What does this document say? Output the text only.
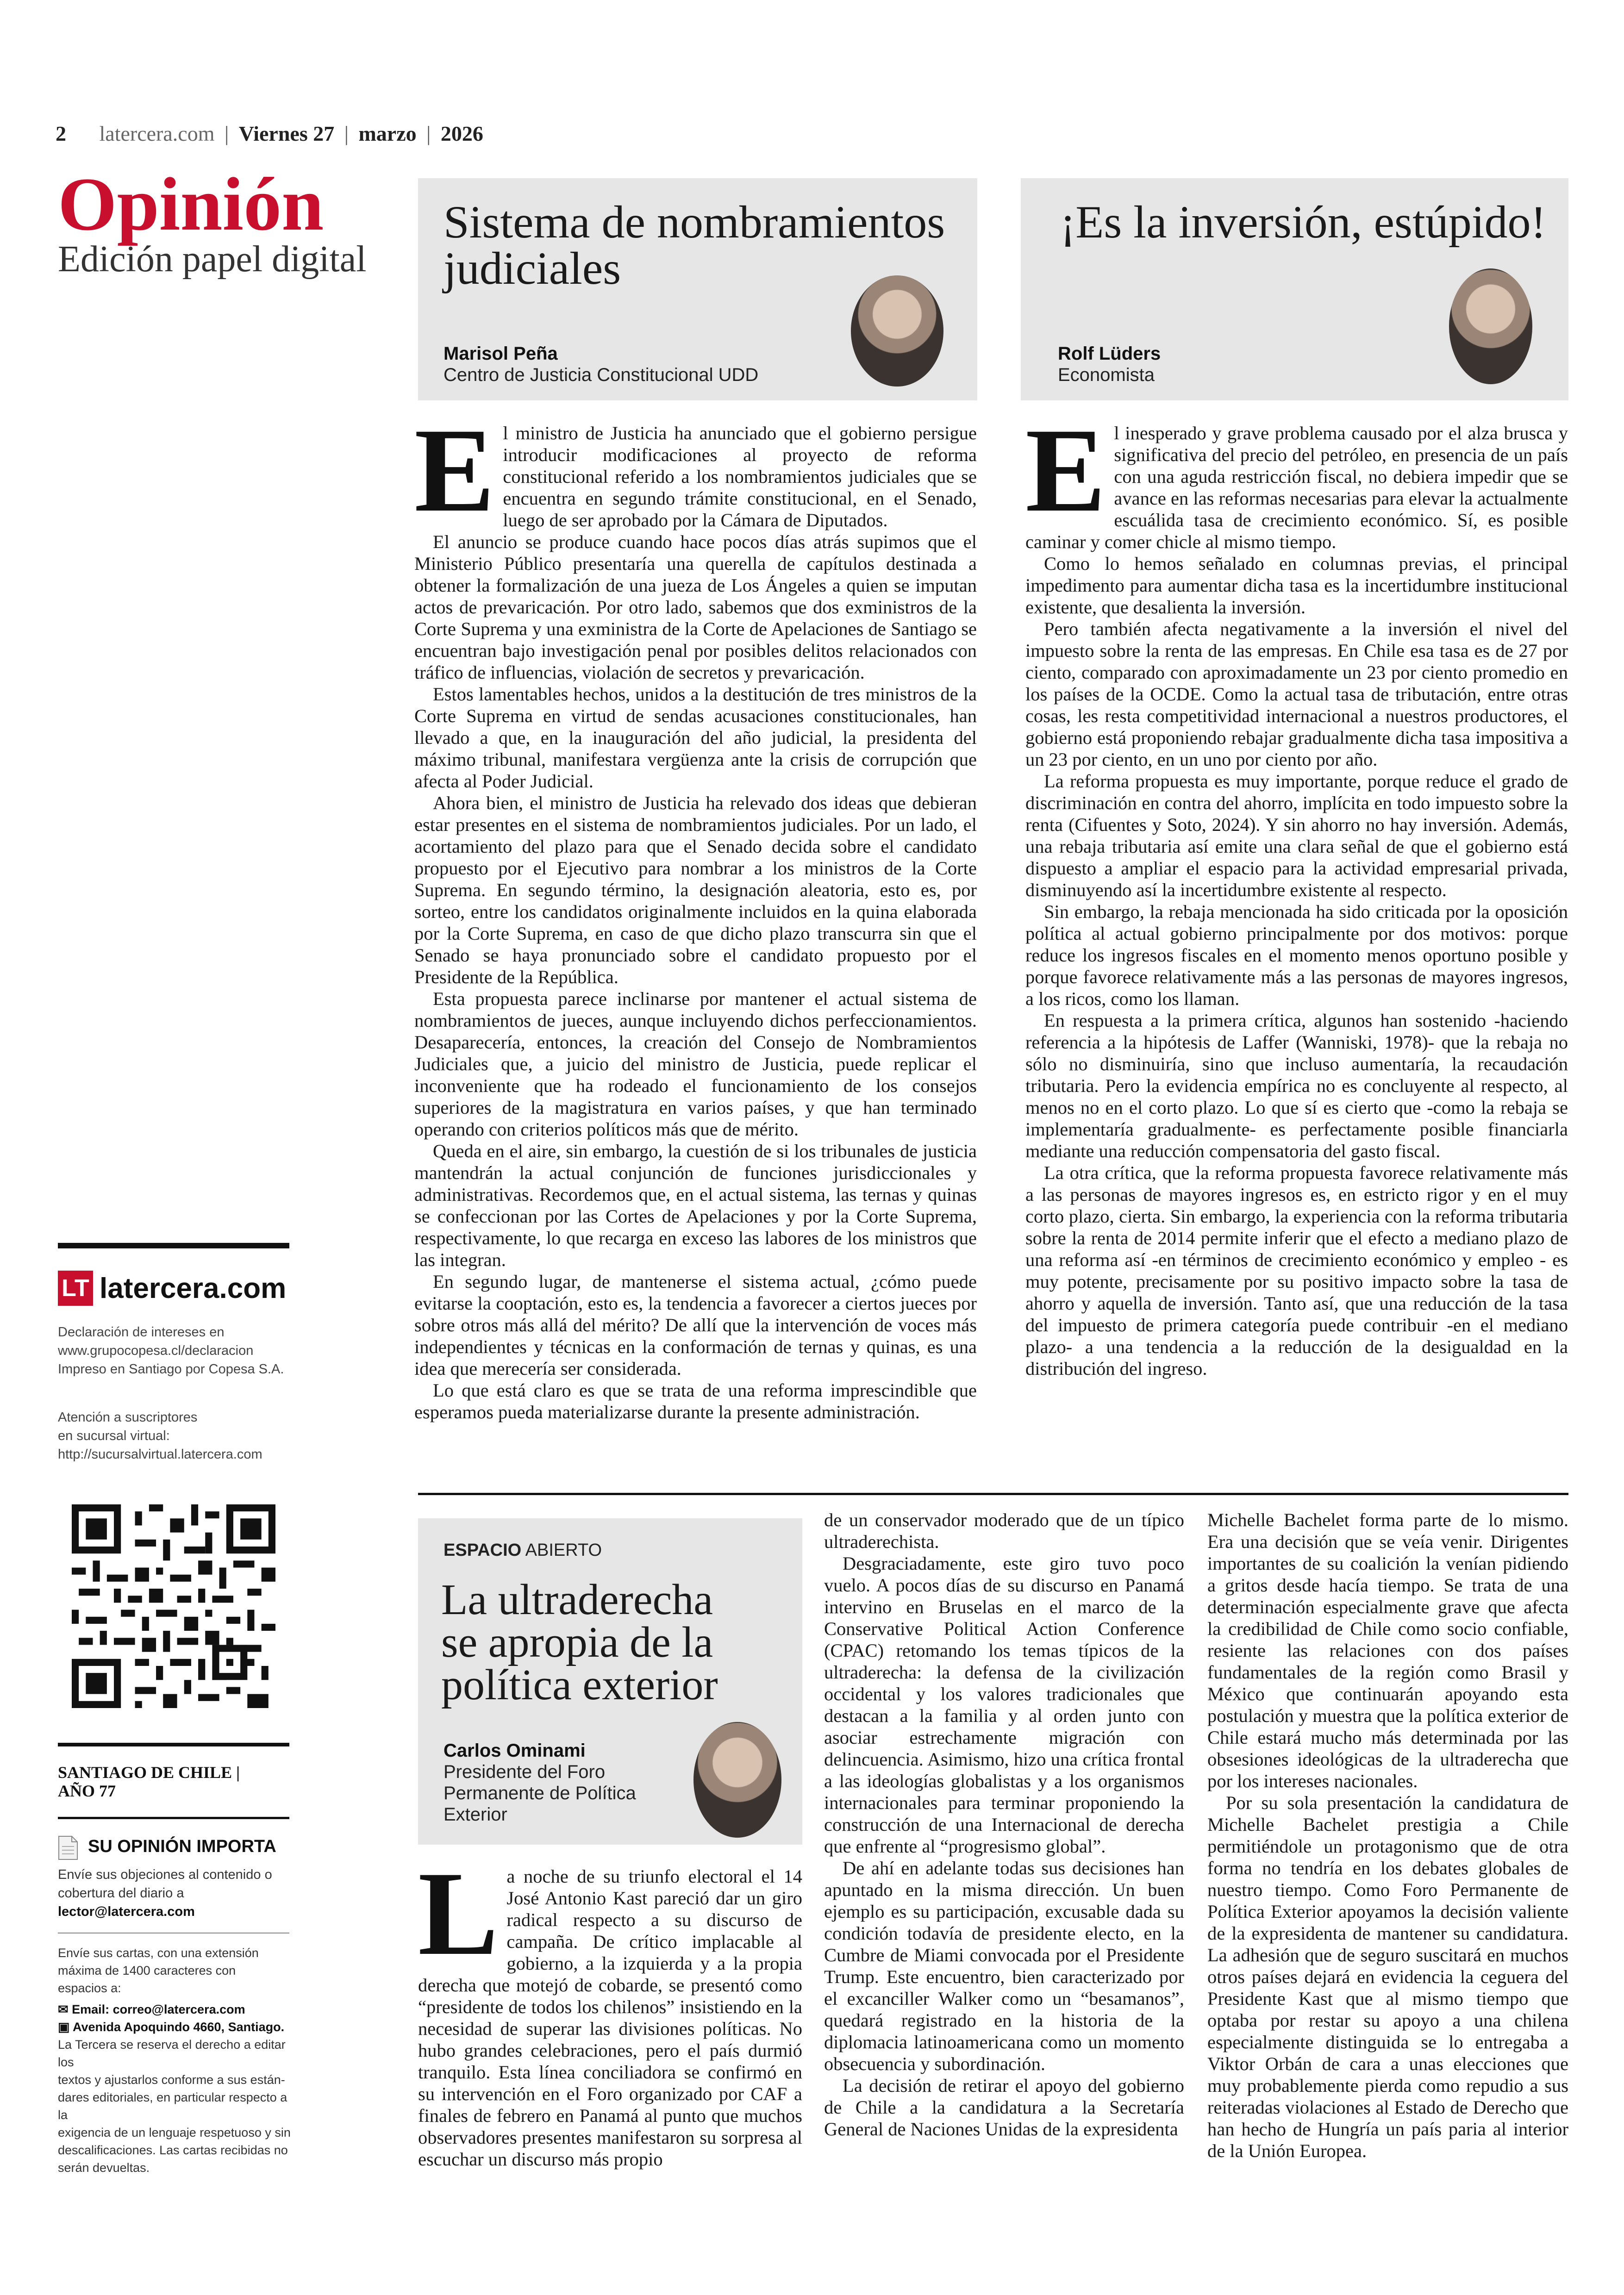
2 latercera.com | Viernes 27 | marzo | 2026
Opinión
Edición papel digital
Sistema de nombramientos
judiciales
Marisol Peña
Centro de Justicia Constitucional UDD
¡Es la inversión, estúpido!
Rolf Lüders
Economista
E l ministro de Justicia ha anunciado que el gobierno persigue introducir modificaciones al proyecto de reforma constitucional referido a los nombramientos judiciales que se encuentra en segundo trámite constitucional, en el Senado, luego de ser aprobado por la Cámara de Diputados.

El anuncio se produce cuando hace pocos días atrás supimos que el Ministerio Público presentaría una querella de capítulos destinada a obtener la formalización de una jueza de Los Ángeles a quien se imputan actos de prevaricación. Por otro lado, sabemos que dos exministros de la Corte Suprema y una exministra de la Corte de Apelaciones de Santiago se encuentran bajo investigación penal por posibles delitos relacionados con tráfico de influencias, violación de secretos y prevaricación.

Estos lamentables hechos, unidos a la destitución de tres ministros de la Corte Suprema en virtud de sendas acusaciones constitucionales, han llevado a que, en la inauguración del año judicial, la presidenta del máximo tribunal, manifestara vergüenza ante la crisis de corrupción que afecta al Poder Judicial.

Ahora bien, el ministro de Justicia ha relevado dos ideas que debieran estar presentes en el sistema de nombramientos judiciales. Por un lado, el acortamiento del plazo para que el Senado decida sobre el candidato propuesto por el Ejecutivo para nombrar a los ministros de la Corte Suprema. En segundo término, la designación aleatoria, esto es, por sorteo, entre los candidatos originalmente incluidos en la quina elaborada por la Corte Suprema, en caso de que dicho plazo transcurra sin que el Senado se haya pronunciado sobre el candidato propuesto por el Presidente de la República.

Esta propuesta parece inclinarse por mantener el actual sistema de nombramientos de jueces, aunque incluyendo dichos perfeccionamientos. Desaparecería, entonces, la creación del Consejo de Nombramientos Judiciales que, a juicio del ministro de Justicia, puede replicar el inconveniente que ha rodeado el funcionamiento de los consejos superiores de la magistratura en varios países, y que han terminado operando con criterios políticos más que de mérito.

Queda en el aire, sin embargo, la cuestión de si los tribunales de justicia mantendrán la actual conjunción de funciones jurisdiccionales y administrativas. Recordemos que, en el actual sistema, las ternas y quinas se confeccionan por las Cortes de Apelaciones y por la Corte Suprema, respectivamente, lo que recarga en exceso las labores de los ministros que las integran.

En segundo lugar, de mantenerse el sistema actual, ¿cómo puede evitarse la cooptación, esto es, la tendencia a favorecer a ciertos jueces por sobre otros más allá del mérito? De allí que la intervención de voces más independientes y técnicas en la conformación de ternas y quinas, es una idea que merecería ser considerada.

Lo que está claro es que se trata de una reforma imprescindible que esperamos pueda materializarse durante la presente administración.

E l inesperado y grave problema causado por el alza brusca y significativa del precio del petróleo, en presencia de un país con una aguda restricción fiscal, no debiera impedir que se avance en las reformas necesarias para elevar la actualmente escuálida tasa de crecimiento económico. Sí, es posible caminar y comer chicle al mismo tiempo.

Como lo hemos señalado en columnas previas, el principal impedimento para aumentar dicha tasa es la incertidumbre institucional existente, que desalienta la inversión.

Pero también afecta negativamente a la inversión el nivel del impuesto sobre la renta de las empresas. En Chile esa tasa es de 27 por ciento, comparado con aproximadamente un 23 por ciento promedio en los países de la OCDE. Como la actual tasa de tributación, entre otras cosas, les resta competitividad internacional a nuestros productores, el gobierno está proponiendo rebajar gradualmente dicha tasa impositiva a un 23 por ciento, en un uno por ciento por año.

La reforma propuesta es muy importante, porque reduce el grado de discriminación en contra del ahorro, implícita en todo impuesto sobre la renta (Cifuentes y Soto, 2024). Y sin ahorro no hay inversión. Además, una rebaja tributaria así emite una clara señal de que el gobierno está dispuesto a ampliar el espacio para la actividad empresarial privada, disminuyendo así la incertidumbre existente al respecto.

Sin embargo, la rebaja mencionada ha sido criticada por la oposición política al actual gobierno principalmente por dos motivos: porque reduce los ingresos fiscales en el momento menos oportuno posible y porque favorece relativamente más a las personas de mayores ingresos, a los ricos, como los llaman.

En respuesta a la primera crítica, algunos han sostenido -haciendo referencia a la hipótesis de Laffer (Wanniski, 1978)- que la rebaja no sólo no disminuiría, sino que incluso aumentaría, la recaudación tributaria. Pero la evidencia empírica no es concluyente al respecto, al menos no en el corto plazo. Lo que sí es cierto que -como la rebaja se implementaría gradualmente- es perfectamente posible financiarla mediante una reducción compensatoria del gasto fiscal.

La otra crítica, que la reforma propuesta favorece relativamente más a las personas de mayores ingresos es, en estricto rigor y en el muy corto plazo, cierta. Sin embargo, la experiencia con la reforma tributaria sobre la renta de 2014 permite inferir que el efecto a mediano plazo de una reforma así -en términos de crecimiento económico y empleo - es muy potente, precisamente por su positivo impacto sobre la tasa de ahorro y aquella de inversión. Tanto así, que una reducción de la tasa del impuesto de primera categoría puede contribuir -en el mediano plazo- a una tendencia a la reducción de la desigualdad en la distribución del ingreso.

ESPACIO ABIERTO
La ultraderecha
se apropia de la
política exterior
Carlos Ominami
Presidente del Foro
Permanente de Política
Exterior
L a noche de su triunfo electoral el 14 José Antonio Kast pareció dar un giro radical respecto a su discurso de campaña. De crítico implacable al gobierno, a la izquierda y a la propia derecha que motejó de cobarde, se presentó como “presidente de todos los chilenos” insistiendo en la necesidad de superar las divisiones políticas. No hubo grandes celebraciones, pero el país durmió tranquilo. Esta línea conciliadora se confirmó en su intervención en el Foro organizado por CAF a finales de febrero en Panamá al punto que muchos observadores presentes manifestaron su sorpresa al escuchar un discurso más propio

de un conservador moderado que de un típico ultraderechista.

Desgraciadamente, este giro tuvo poco vuelo. A pocos días de su discurso en Panamá intervino en Bruselas en el marco de la Conservative Political Action Conference (CPAC) retomando los temas típicos de la ultraderecha: la defensa de la civilización occidental y los valores tradicionales que destacan a la familia y al orden junto con asociar estrechamente migración con delincuencia. Asimismo, hizo una crítica frontal a las ideologías globalistas y a los organismos internacionales para terminar proponiendo la construcción de una Internacional de derecha que enfrente al “progresismo global”.

De ahí en adelante todas sus decisiones han apuntado en la misma dirección. Un buen ejemplo es su participación, excusable dada su condición todavía de presidente electo, en la Cumbre de Miami convocada por el Presidente Trump. Este encuentro, bien caracterizado por el excanciller Walker como un “besamanos”, quedará registrado en la historia de la diplomacia latinoamericana como un momento obsecuencia y subordinación.

La decisión de retirar el apoyo del gobierno de Chile a la candidatura a la Secretaría General de Naciones Unidas de la expresidenta

Michelle Bachelet forma parte de lo mismo. Era una decisión que se veía venir. Dirigentes importantes de su coalición la venían pidiendo a gritos desde hacía tiempo. Se trata de una determinación especialmente grave que afecta la credibilidad de Chile como socio confiable, resiente las relaciones con dos países fundamentales de la región como Brasil y México que continuarán apoyando esta postulación y muestra que la política exterior de Chile estará mucho más determinada por las obsesiones ideológicas de la ultraderecha que por los intereses nacionales.

Por su sola presentación la candidatura de Michelle Bachelet prestigia a Chile permitiéndole un protagonismo que de otra forma no tendría en los debates globales de nuestro tiempo. Como Foro Permanente de Política Exterior apoyamos la decisión valiente de la expresidenta de mantener su candidatura. La adhesión que de seguro suscitará en muchos otros países dejará en evidencia la ceguera del Presidente Kast que al mismo tiempo que optaba por restar su apoyo a una chilena especialmente distinguida se lo entregaba a Viktor Orbán de cara a unas elecciones que muy probablemente pierda como repudio a sus reiteradas violaciones al Estado de Derecho que han hecho de Hungría un país paria al interior de la Unión Europea.

LT latercera.com
Declaración de intereses en
www.grupocopesa.cl/declaracion
Impreso en Santiago por Copesa S.A.
Atención a suscriptores
en sucursal virtual:
http://sucursalvirtual.latercera.com
SANTIAGO DE CHILE |
AÑO 77
SU OPINIÓN IMPORTA
Envíe sus objeciones al contenido o
cobertura del diario a
lector@latercera.com
Envíe sus cartas, con una extensión
máxima de 1400 caracteres con
espacios a:
✉ Email: correo@latercera.com
▣ Avenida Apoquindo 4660, Santiago.
La Tercera se reserva el derecho a editar los
textos y ajustarlos conforme a sus están-
dares editoriales, en particular respecto a la
exigencia de un lenguaje respetuoso y sin
descalificaciones. Las cartas recibidas no
serán devueltas.
